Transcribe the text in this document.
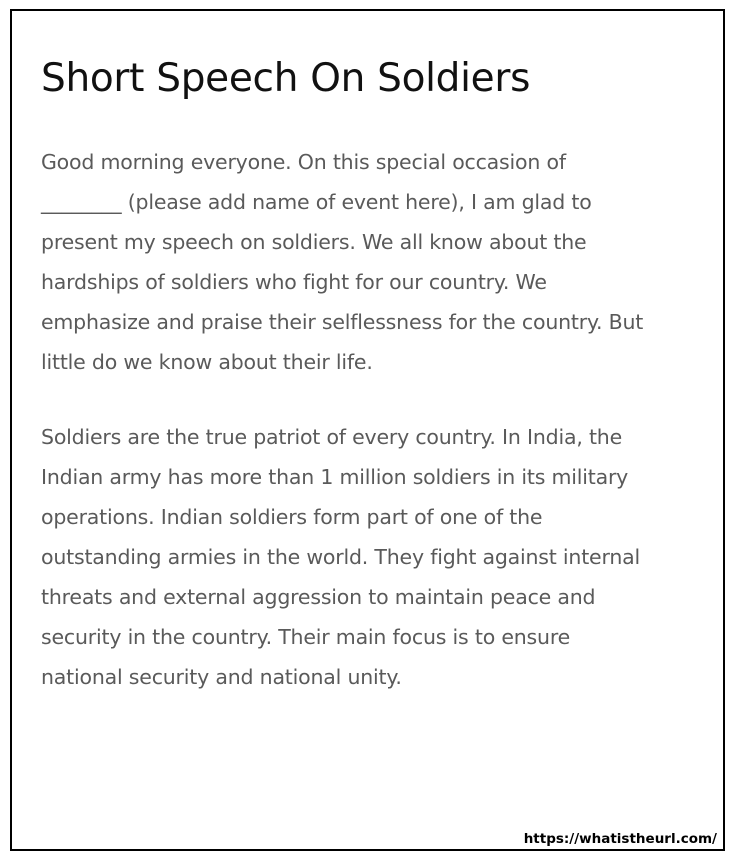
Short Speech On Soldiers

Good morning everyone. On this special occasion of
________ (please add name of event here), I am glad to
present my speech on soldiers. We all know about the
hardships of soldiers who fight for our country. We
emphasize and praise their selflessness for the country. But
little do we know about their life.

Soldiers are the true patriot of every country. In India, the
Indian army has more than 1 million soldiers in its military
operations. Indian soldiers form part of one of the
outstanding armies in the world. They fight against internal
threats and external aggression to maintain peace and
security in the country. Their main focus is to ensure
national security and national unity.

https://whatistheurl.com/
